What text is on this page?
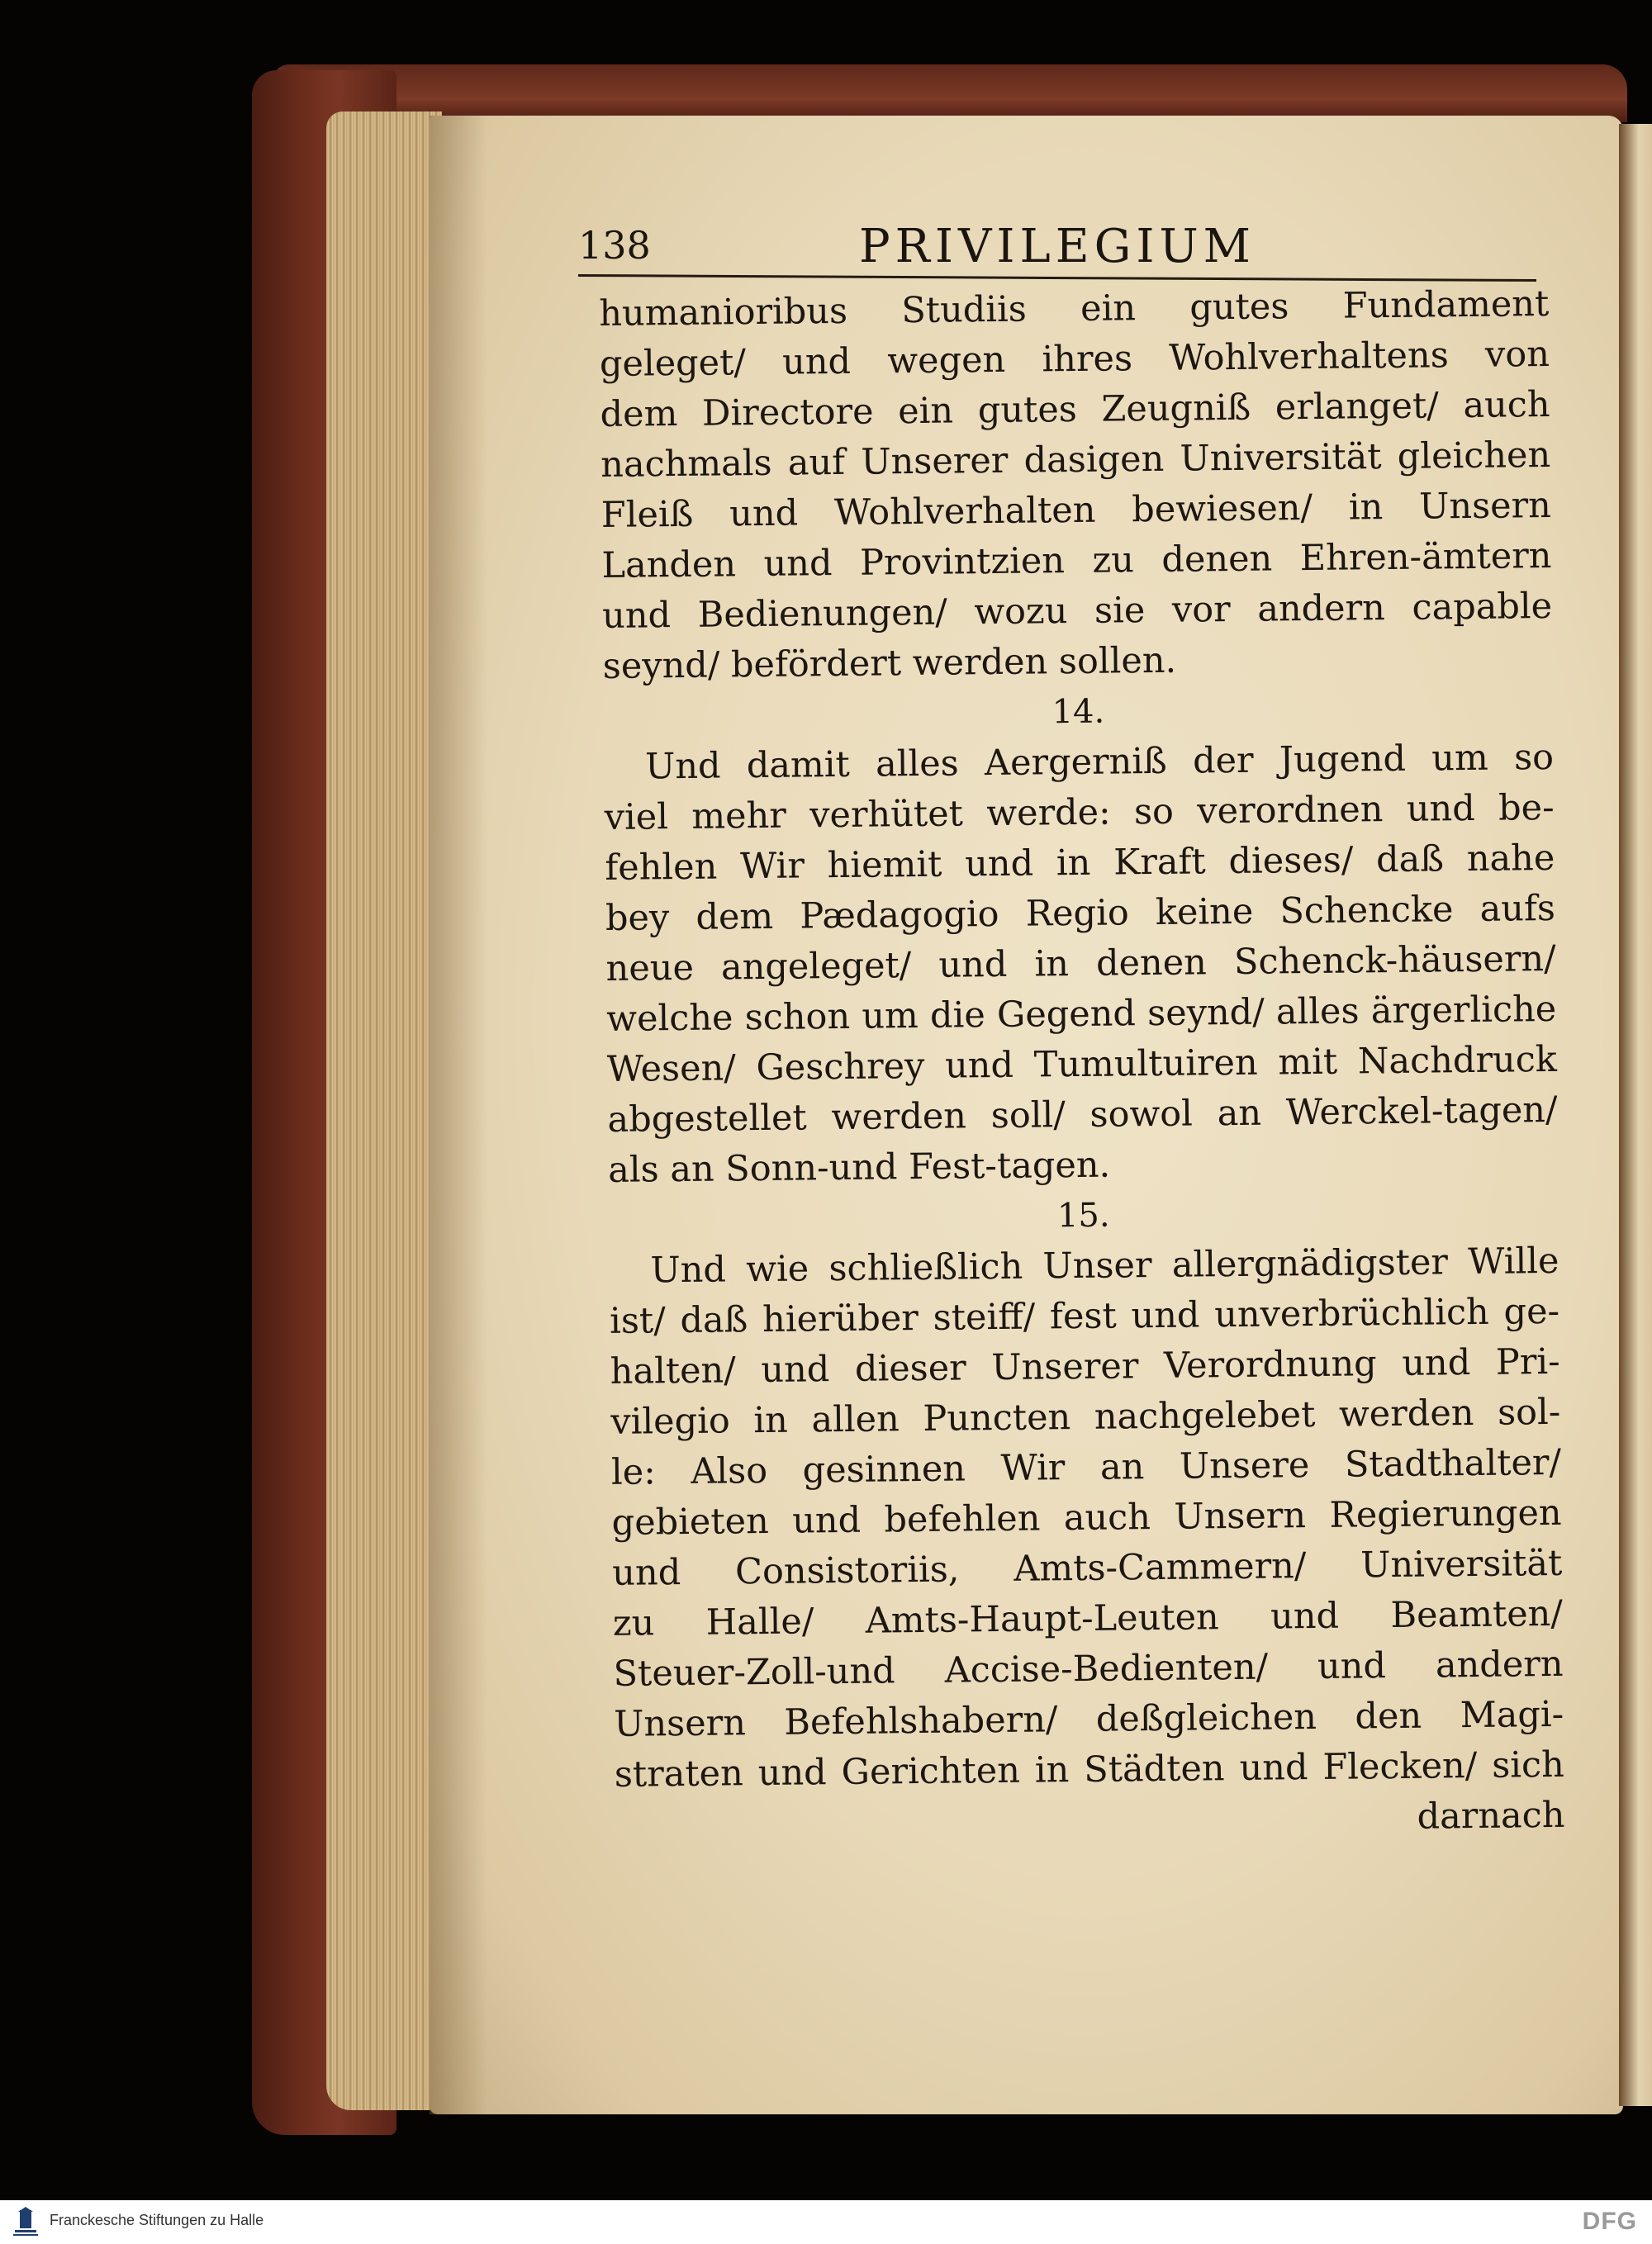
138	PRIVILEGIUM
humanioribus Studiis ein gutes Fundament
geleget/ und wegen ihres Wohlverhaltens von
dem Directore ein gutes Zeugniß erlanget/ auch
nachmals auf Unserer dasigen Universität gleichen
Fleiß und Wohlverhalten bewiesen/ in Unsern
Landen und Provintzien zu denen Ehren-ämtern
und Bedienungen/ wozu sie vor andern capable
seynd/ befördert werden sollen.
14.
Und damit alles Aergerniß der Jugend um so
viel mehr verhütet werde: so verordnen und be-
fehlen Wir hiemit und in Kraft dieses/ daß nahe
bey dem Pædagogio Regio keine Schencke aufs
neue angeleget/ und in denen Schenck-häusern/
welche schon um die Gegend seynd/ alles ärgerliche
Wesen/ Geschrey und Tumultuiren mit Nachdruck
abgestellet werden soll/ sowol an Werckel-tagen/
als an Sonn-und Fest-tagen.
15.
Und wie schließlich Unser allergnädigster Wille
ist/ daß hierüber steiff/ fest und unverbrüchlich ge-
halten/ und dieser Unserer Verordnung und Pri-
vilegio in allen Puncten nachgelebet werden sol-
le: Also gesinnen Wir an Unsere Stadthalter/
gebieten und befehlen auch Unsern Regierungen
und Consistoriis, Amts-Cammern/ Universität
zu Halle/ Amts-Haupt-Leuten und Beamten/
Steuer-Zoll-und Accise-Bedienten/ und andern
Unsern Befehlshabern/ deßgleichen den Magi-
straten und Gerichten in Städten und Flecken/ sich
darnach
Franckesche Stiftungen zu Halle	DFG
